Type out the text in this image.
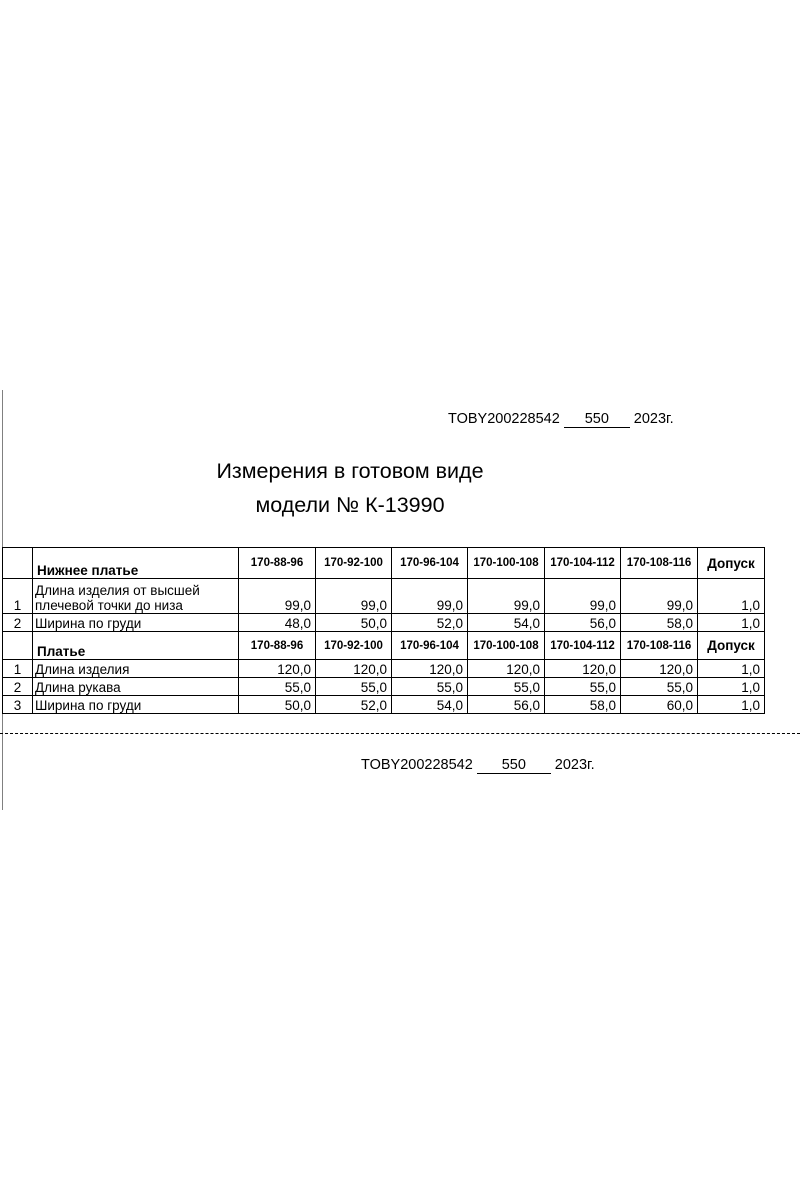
TOBY200228542 550 2023г.
Измерения в готовом виде
модели № К-13990
	Нижнее платье	170-88-96	170-92-100	170-96-104	170-100-108	170-104-112	170-108-116	Допуск
1	Длина изделия от высшей плечевой точки до низа	99,0	99,0	99,0	99,0	99,0	99,0	1,0
2	Ширина по груди	48,0	50,0	52,0	54,0	56,0	58,0	1,0
	Платье	170-88-96	170-92-100	170-96-104	170-100-108	170-104-112	170-108-116	Допуск
1	Длина изделия	120,0	120,0	120,0	120,0	120,0	120,0	1,0
2	Длина рукава	55,0	55,0	55,0	55,0	55,0	55,0	1,0
3	Ширина по груди	50,0	52,0	54,0	56,0	58,0	60,0	1,0
TOBY200228542 550 2023г.
